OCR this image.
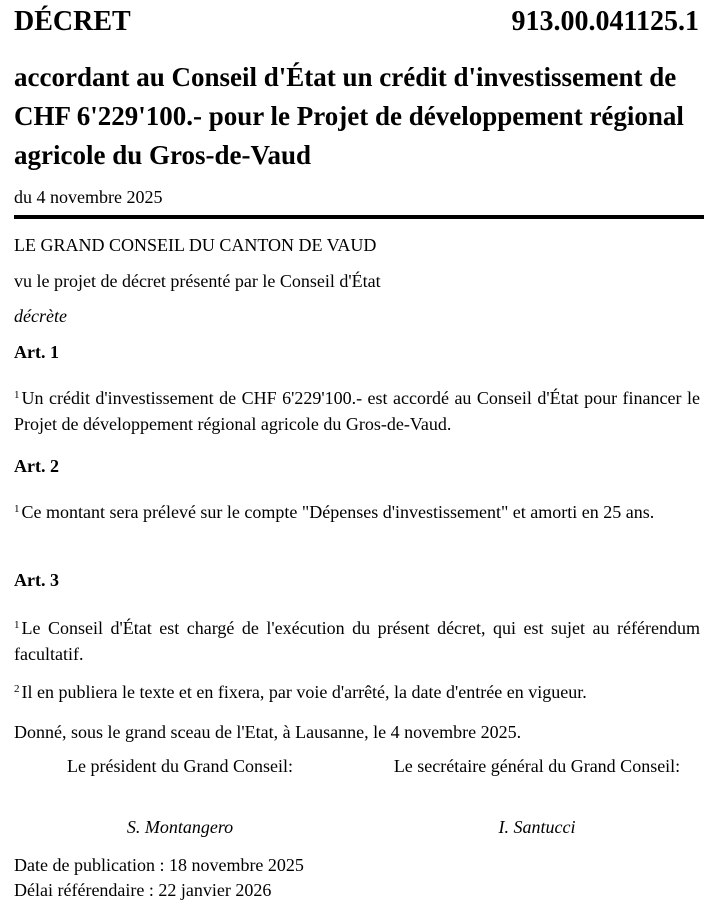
DÉCRET	913.00.041125.1
accordant au Conseil d'État un crédit d'investissement de CHF 6'229'100.- pour le Projet de développement régional agricole du Gros-de-Vaud
du 4 novembre 2025
LE GRAND CONSEIL DU CANTON DE VAUD
vu le projet de décret présenté par le Conseil d'État
décrète
Art. 1
$^1$ Un crédit d'investissement de CHF 6'229'100.- est accordé au Conseil d'État pour financer le Projet de développement régional agricole du Gros-de-Vaud.
Art. 2
$^1$ Ce montant sera prélevé sur le compte "Dépenses d'investissement" et amorti en 25 ans.
Art. 3
$^1$ Le Conseil d'État est chargé de l'exécution du présent décret, qui est sujet au référendum facultatif.
$^2$ Il en publiera le texte et en fixera, par voie d'arrêté, la date d'entrée en vigueur.
Donné, sous le grand sceau de l'Etat, à Lausanne, le 4 novembre 2025.
Le président du Grand Conseil:	Le secrétaire général du Grand Conseil:
S. Montangero	I. Santucci
Date de publication : 18 novembre 2025
Délai référendaire : 22 janvier 2026
